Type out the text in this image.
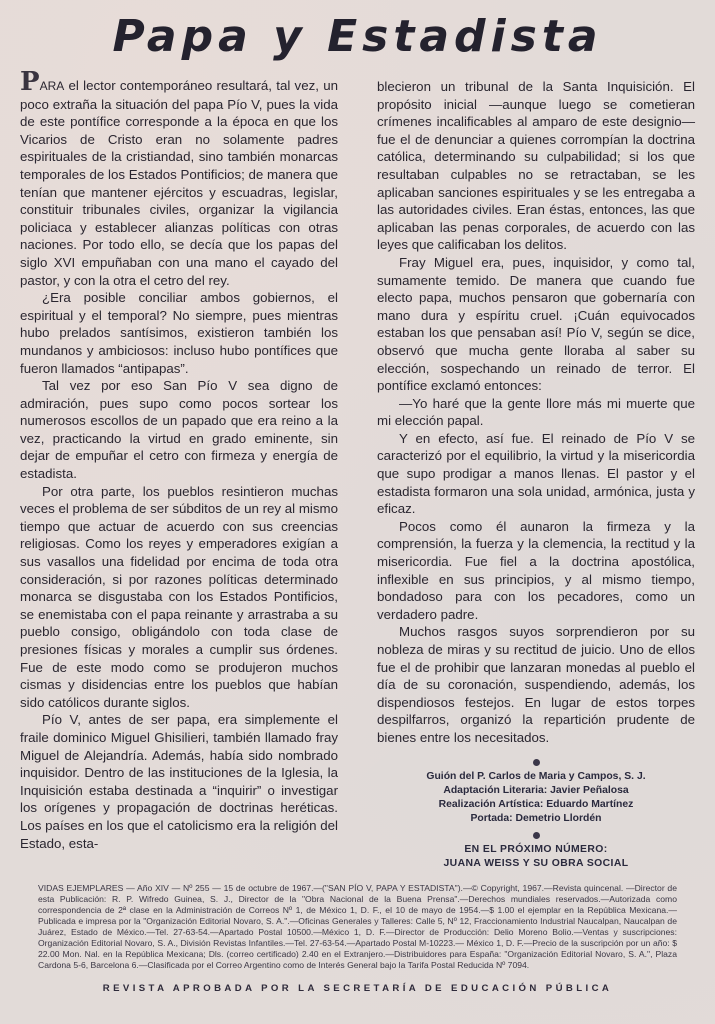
Papa y Estadista

PARA el lector contemporáneo resultará, tal vez, un poco extraña la situación del papa Pío V, pues la vida de este pontífice corresponde a la época en que los Vicarios de Cristo eran no solamente padres espirituales de la cristiandad, sino también monarcas temporales de los Estados Pontificios; de manera que tenían que mantener ejércitos y escuadras, legislar, constituir tribunales civiles, organizar la vigilancia policiaca y establecer alianzas políticas con otras naciones. Por todo ello, se decía que los papas del siglo XVI empuñaban con una mano el cayado del pastor, y con la otra el cetro del rey.

¿Era posible conciliar ambos gobiernos, el espiritual y el temporal? No siempre, pues mientras hubo prelados santísimos, existieron también los mundanos y ambiciosos: incluso hubo pontífices que fueron llamados “antipapas”.

Tal vez por eso San Pío V sea digno de admiración, pues supo como pocos sortear los numerosos escollos de un papado que era reino a la vez, practicando la virtud en grado eminente, sin dejar de empuñar el cetro con firmeza y energía de estadista.

Por otra parte, los pueblos resintieron muchas veces el problema de ser súbditos de un rey al mismo tiempo que actuar de acuerdo con sus creencias religiosas. Como los reyes y emperadores exigían a sus vasallos una fidelidad por encima de toda otra consideración, si por razones políticas determinado monarca se disgustaba con los Estados Pontificios, se enemistaba con el papa reinante y arrastraba a su pueblo consigo, obligándolo con toda clase de presiones físicas y morales a cumplir sus órdenes. Fue de este modo como se produjeron muchos cismas y disidencias entre los pueblos que habían sido católicos durante siglos.

Pío V, antes de ser papa, era simplemente el fraile dominico Miguel Ghisilieri, también llamado fray Miguel de Alejandría. Además, había sido nombrado inquisidor. Dentro de las instituciones de la Iglesia, la Inquisición estaba destinada a “inquirir” o investigar los orígenes y propagación de doctrinas heréticas. Los países en los que el catolicismo era la religión del Estado, esta-

blecieron un tribunal de la Santa Inquisición. El propósito inicial —aunque luego se cometieran crímenes incalificables al amparo de este designio— fue el de denunciar a quienes corrompían la doctrina católica, determinando su culpabilidad; si los que resultaban culpables no se retractaban, se les aplicaban sanciones espirituales y se les entregaba a las autoridades civiles. Eran éstas, entonces, las que aplicaban las penas corporales, de acuerdo con las leyes que calificaban los delitos.

Fray Miguel era, pues, inquisidor, y como tal, sumamente temido. De manera que cuando fue electo papa, muchos pensaron que gobernaría con mano dura y espíritu cruel. ¡Cuán equivocados estaban los que pensaban así! Pío V, según se dice, observó que mucha gente lloraba al saber su elección, sospechando un reinado de terror. El pontífice exclamó entonces:

—Yo haré que la gente llore más mi muerte que mi elección papal.

Y en efecto, así fue. El reinado de Pío V se caracterizó por el equilibrio, la virtud y la misericordia que supo prodigar a manos llenas. El pastor y el estadista formaron una sola unidad, armónica, justa y eficaz.

Pocos como él aunaron la firmeza y la comprensión, la fuerza y la clemencia, la rectitud y la misericordia. Fue fiel a la doctrina apostólica, inflexible en sus principios, y al mismo tiempo, bondadoso para con los pecadores, como un verdadero padre.

Muchos rasgos suyos sorprendieron por su nobleza de miras y su rectitud de juicio. Uno de ellos fue el de prohibir que lanzaran monedas al pueblo el día de su coronación, suspendiendo, además, los dispendiosos festejos. En lugar de estos torpes despilfarros, organizó la repartición prudente de bienes entre los necesitados.

Guión del P. Carlos de Maria y Campos, S. J.
Adaptación Literaria: Javier Peñalosa
Realización Artística: Eduardo Martínez
Portada: Demetrio Llordén
EN EL PRÓXIMO NÚMERO:
JUANA WEISS Y SU OBRA SOCIAL
VIDAS EJEMPLARES — Año XIV — Nº 255 — 15 de octubre de 1967.—("SAN PÍO V, PAPA Y ESTADISTA").—© Copyright, 1967.—Revista quincenal. —Director de esta Publicación: R. P. Wifredo Guinea, S. J., Director de la "Obra Nacional de la Buena Prensa".—Derechos mundiales reservados.—Autorizada como correspondencia de 2ª clase en la Administración de Correos Nº 1, de México 1, D. F., el 10 de mayo de 1954.—$ 1.00 el ejemplar en la República Mexicana.—Publicada e impresa por la "Organización Editorial Novaro, S. A.".—Oficinas Generales y Talleres: Calle 5, Nº 12, Fraccionamiento Industrial Naucalpan, Naucalpan de Juárez, Estado de México.—Tel. 27-63-54.—Apartado Postal 10500.—México 1, D. F.—Director de Producción: Delio Moreno Bolio.—Ventas y suscripciones: Organización Editorial Novaro, S. A., División Revistas Infantiles.—Tel. 27-63-54.—Apartado Postal M-10223.— México 1, D. F.—Precio de la suscripción por un año: $ 22.00 Mon. Nal. en la República Mexicana; Dls. (correo certificado) 2.40 en el Extranjero.—Distribuidores para España: "Organización Editorial Novaro, S. A.", Plaza Cardona 5-6, Barcelona 6.—Clasificada por el Correo Argentino como de Interés General bajo la Tarifa Postal Reducida Nº 7094.
REVISTA APROBADA POR LA SECRETARÍA DE EDUCACIÓN PÚBLICA
